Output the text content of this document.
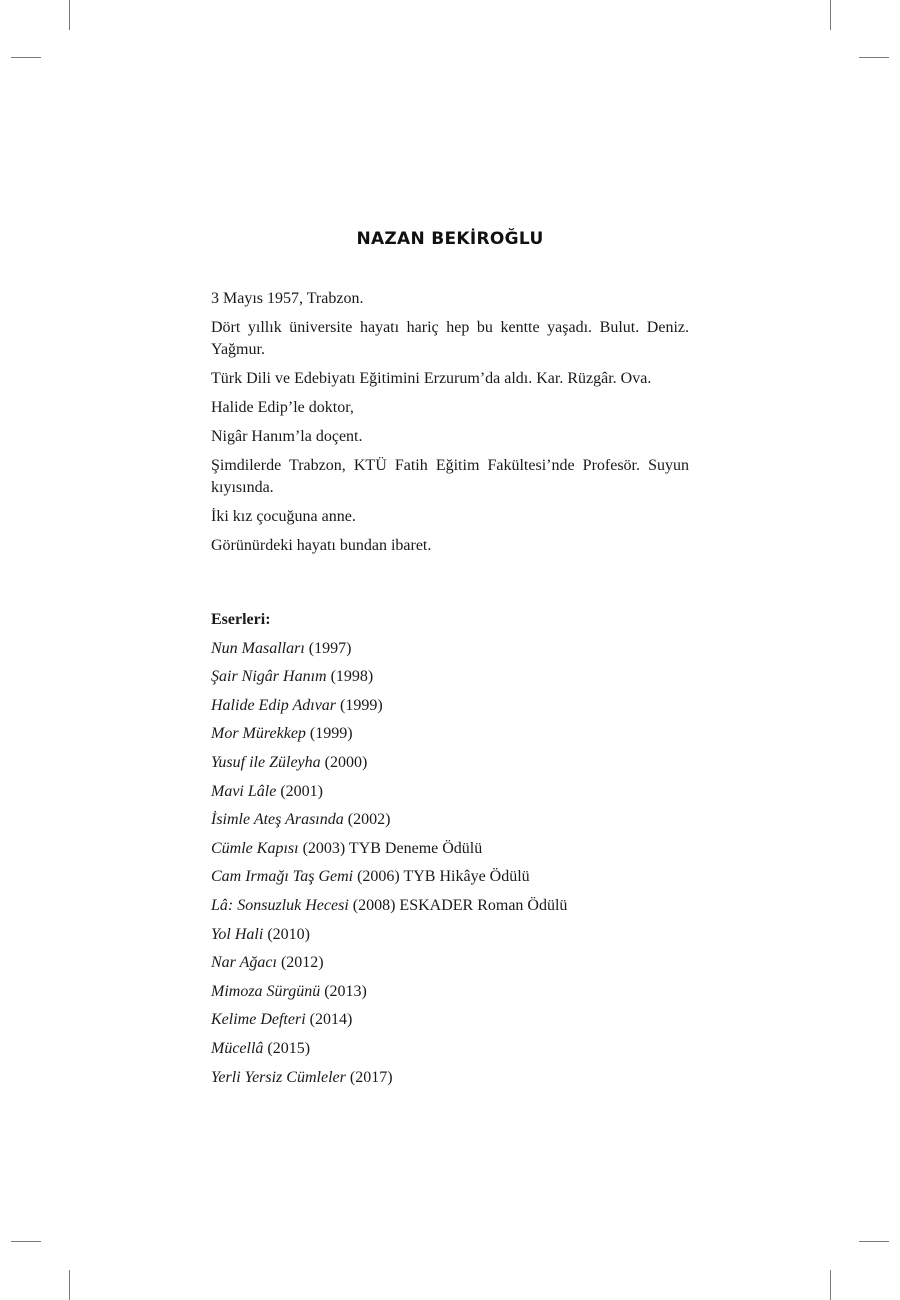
NAZAN BEKİROĞLU

3 Mayıs 1957, Trabzon.

Dört yıllık üniversite hayatı hariç hep bu kentte yaşadı. Bulut. Deniz. Yağmur.

Türk Dili ve Edebiyatı Eğitimini Erzurum’da aldı. Kar. Rüzgâr. Ova.

Halide Edip’le doktor,

Nigâr Hanım’la doçent.

Şimdilerde Trabzon, KTÜ Fatih Eğitim Fakültesi’nde Profesör. Suyun kıyısında.

İki kız çocuğuna anne.

Görünürdeki hayatı bundan ibaret.

Eserleri:
Nun Masalları (1997)
Şair Nigâr Hanım (1998)
Halide Edip Adıvar (1999)
Mor Mürekkep (1999)
Yusuf ile Züleyha (2000)
Mavi Lâle (2001)
İsimle Ateş Arasında (2002)
Cümle Kapısı (2003) TYB Deneme Ödülü
Cam Irmağı Taş Gemi (2006) TYB Hikâye Ödülü
Lâ: Sonsuzluk Hecesi (2008) ESKADER Roman Ödülü
Yol Hali (2010)
Nar Ağacı (2012)
Mimoza Sürgünü (2013)
Kelime Defteri (2014)
Mücellâ (2015)
Yerli Yersiz Cümleler (2017)
